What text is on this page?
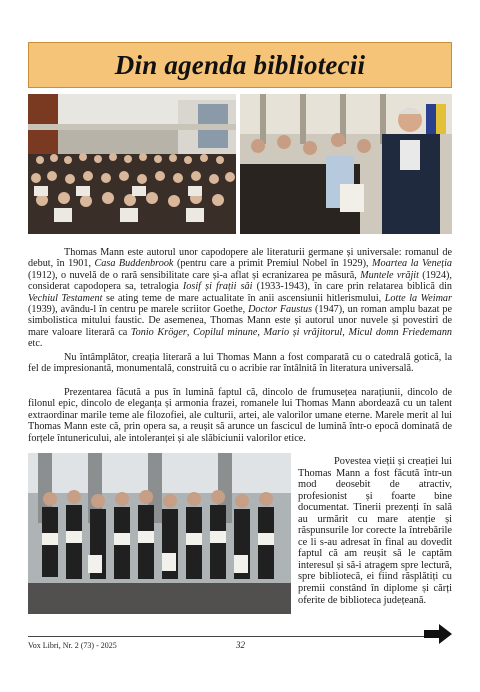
Din agenda bibliotecii
Thomas Mann este autorul unor capodopere ale literaturii germane și universale: romanul de debut, în 1901, Casa Buddenbrook (pentru care a primit Premiul Nobel în 1929), Moartea la Veneția (1912), o nuvelă de o rară sensibilitate care și-a aflat și ecranizarea pe măsură, Muntele vrăjit (1924), considerat capodopera sa, tetralogia Iosif și frații săi (1933-1943), în care prin relatarea biblică din Vechiul Testament se ating teme de mare actualitate în anii ascensiunii hitlerismului, Lotte la Weimar (1939), avându-l în centru pe marele scriitor Goethe, Doctor Faustus (1947), un roman amplu bazat pe simbolistica mitului faustic. De asemenea, Thomas Mann este și autorul unor nuvele și povestiri de mare valoare literară ca Tonio Kröger, Copilul minune, Mario și vrăjitorul, Micul domn Friedemann etc.
Nu întâmplător, creația literară a lui Thomas Mann a fost comparată cu o catedrală gotică, la fel de impresionantă, monumentală, construită cu o acribie rar întâlnită în literatura universală.
Prezentarea făcută a pus în lumină faptul că, dincolo de frumusețea narațiunii, dincolo de filonul epic, dincolo de eleganța și armonia frazei, romanele lui Thomas Mann abordează cu un talent extraordinar marile teme ale filozofiei, ale culturii, artei, ale valorilor umane eterne. Marele merit al lui Thomas Mann este că, prin opera sa, a reușit să arunce un fascicul de lumină într-o epocă dominată de forțele întunericului, ale intoleranței și ale slăbiciunii valorilor etice.
Povestea vieții și creației lui Thomas Mann a fost făcută într-un mod deosebit de atractiv, profesionist și foarte bine documentat. Tinerii prezenți în sală au urmărit cu mare atenție și răspunsurile lor corecte la întrebările ce li s-au adresat în final au dovedit faptul că am reușit să le captăm interesul și să-i atragem spre lectură, spre bibliotecă, ei fiind răsplătiți cu premii constând în diplome și cărți oferite de biblioteca județeană.
Vox Libri, Nr. 2 (73) - 2025	32
